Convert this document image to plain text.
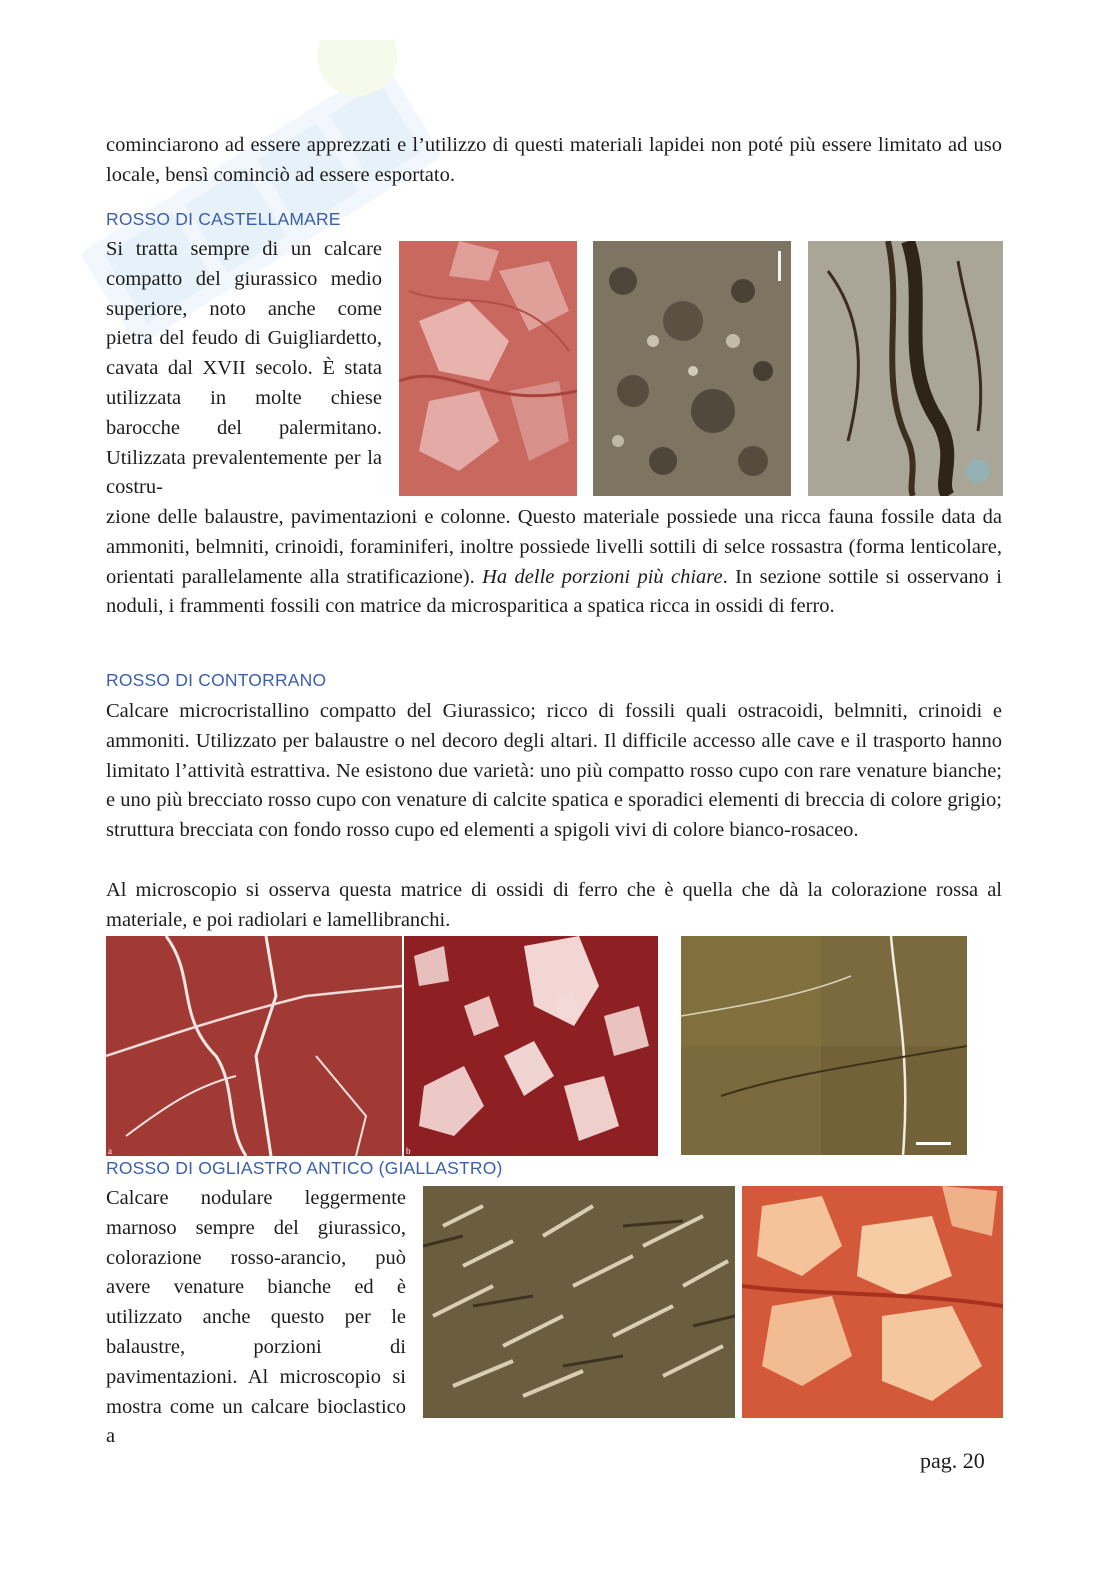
cominciarono ad essere apprezzati e l’utilizzo di questi materiali lapidei non poté più essere limitato ad uso locale, bensì cominciò ad essere esportato.

ROSSO DI CASTELLAMARE

Si tratta sempre di un calcare compatto del giurassico medio superiore, noto anche come pietra del feudo di Guigliardetto, cavata dal XVII secolo. È stata utilizzata in molte chiese barocche del palermitano. Utilizzata prevalentemente per la costru-

zione delle balaustre, pavimentazioni e colonne. Questo materiale possiede una ricca fauna fossile data da ammoniti, belmniti, crinoidi, foraminiferi, inoltre possiede livelli sottili di selce rossastra (forma lenticolare, orientati parallelamente alla stratificazione). Ha delle porzioni più chiare. In sezione sottile si osservano i noduli, i frammenti fossili con matrice da microsparitica a spatica ricca in ossidi di ferro.

ROSSO DI CONTORRANO

Calcare microcristallino compatto del Giurassico; ricco di fossili quali ostracoidi, belmniti, crinoidi e ammoniti. Utilizzato per balaustre o nel decoro degli altari. Il difficile accesso alle cave e il trasporto hanno limitato l’attività estrattiva. Ne esistono due varietà: uno più compatto rosso cupo con rare venature bianche; e uno più brecciato rosso cupo con venature di calcite spatica e sporadici elementi di breccia di colore grigio; struttura brecciata con fondo rosso cupo ed elementi a spigoli vivi di colore bianco-rosaceo.

Al microscopio si osserva questa matrice di ossidi di ferro che è quella che dà la colorazione rossa al materiale, e poi radiolari e lamellibranchi.

a	b

ROSSO DI OGLIASTRO ANTICO (GIALLASTRO)

Calcare nodulare leggermente marnoso sempre del giurassico, colorazione rosso-arancio, può avere venature bianche ed è utilizzato anche questo per le balaustre, porzioni di pavimentazioni. Al microscopio si mostra come un calcare bioclastico a

pag. 20
